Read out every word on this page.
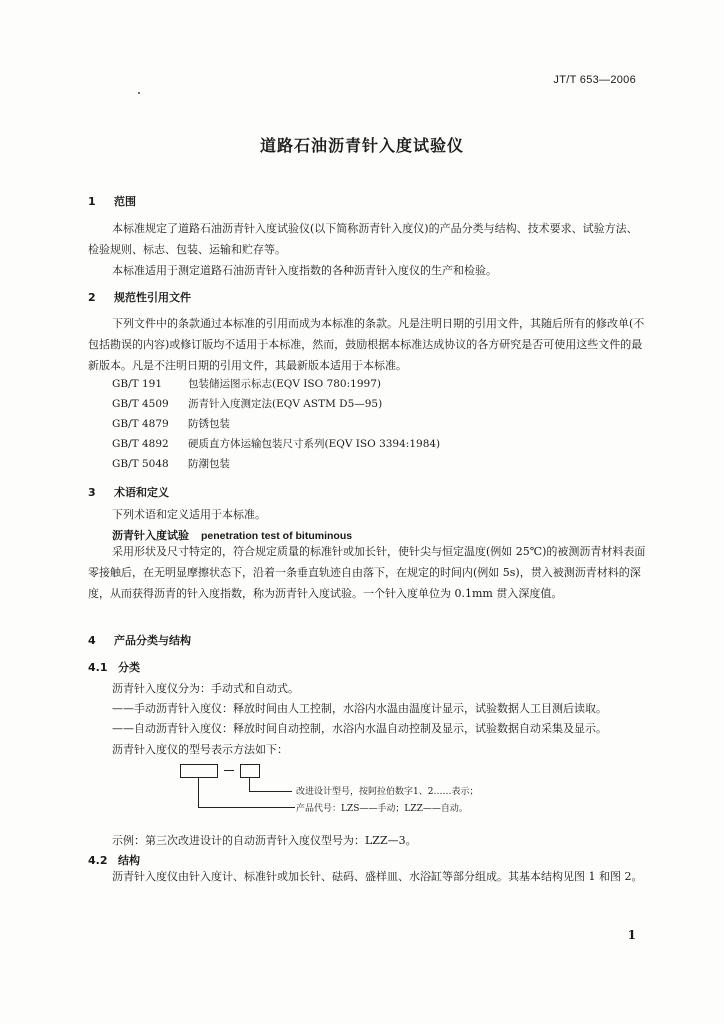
JT/T 653—2006
道路石油沥青针入度试验仪
1 范围
本标准规定了道路石油沥青针入度试验仪(以下简称沥青针入度仪)的产品分类与结构、技术要求、试验方法、检验规则、标志、包装、运输和贮存等。
本标准适用于测定道路石油沥青针入度指数的各种沥青针入度仪的生产和检验。
2 规范性引用文件
下列文件中的条款通过本标准的引用而成为本标准的条款。凡是注明日期的引用文件，其随后所有的修改单(不包括勘误的内容)或修订版均不适用于本标准，然而，鼓励根据本标准达成协议的各方研究是否可使用这些文件的最新版本。凡是不注明日期的引用文件，其最新版本适用于本标准。
GB/T 191 包装储运图示标志(EQV ISO 780:1997)
GB/T 4509 沥青针入度测定法(EQV ASTM D5—95)
GB/T 4879 防锈包装
GB/T 4892 硬质直方体运输包装尺寸系列(EQV ISO 3394:1984)
GB/T 5048 防潮包装
3 术语和定义
下列术语和定义适用于本标准。
沥青针入度试验 penetration test of bituminous
采用形状及尺寸特定的，符合规定质量的标准针或加长针，使针尖与恒定温度(例如 25℃)的被测沥青材料表面零接触后，在无明显摩擦状态下，沿着一条垂直轨迹自由落下，在规定的时间内(例如 5s)，贯入被测沥青材料的深度，从而获得沥青的针入度指数，称为沥青针入度试验。一个针入度单位为 0.1mm 贯入深度值。
4 产品分类与结构
4.1 分类
沥青针入度仪分为：手动式和自动式。
——手动沥青针入度仪：释放时间由人工控制，水浴内水温由温度计显示，试验数据人工目测后读取。
——自动沥青针入度仪：释放时间自动控制，水浴内水温自动控制及显示，试验数据自动采集及显示。
沥青针入度仪的型号表示方法如下：
改进设计型号，按阿拉伯数字1、2……表示；
产品代号：LZS——手动；LZZ——自动。
示例：第三次改进设计的自动沥青针入度仪型号为：LZZ—3。
4.2 结构
沥青针入度仪由针入度计、标准针或加长针、砝码、盛样皿、水浴缸等部分组成。其基本结构见图 1 和图 2。
1
